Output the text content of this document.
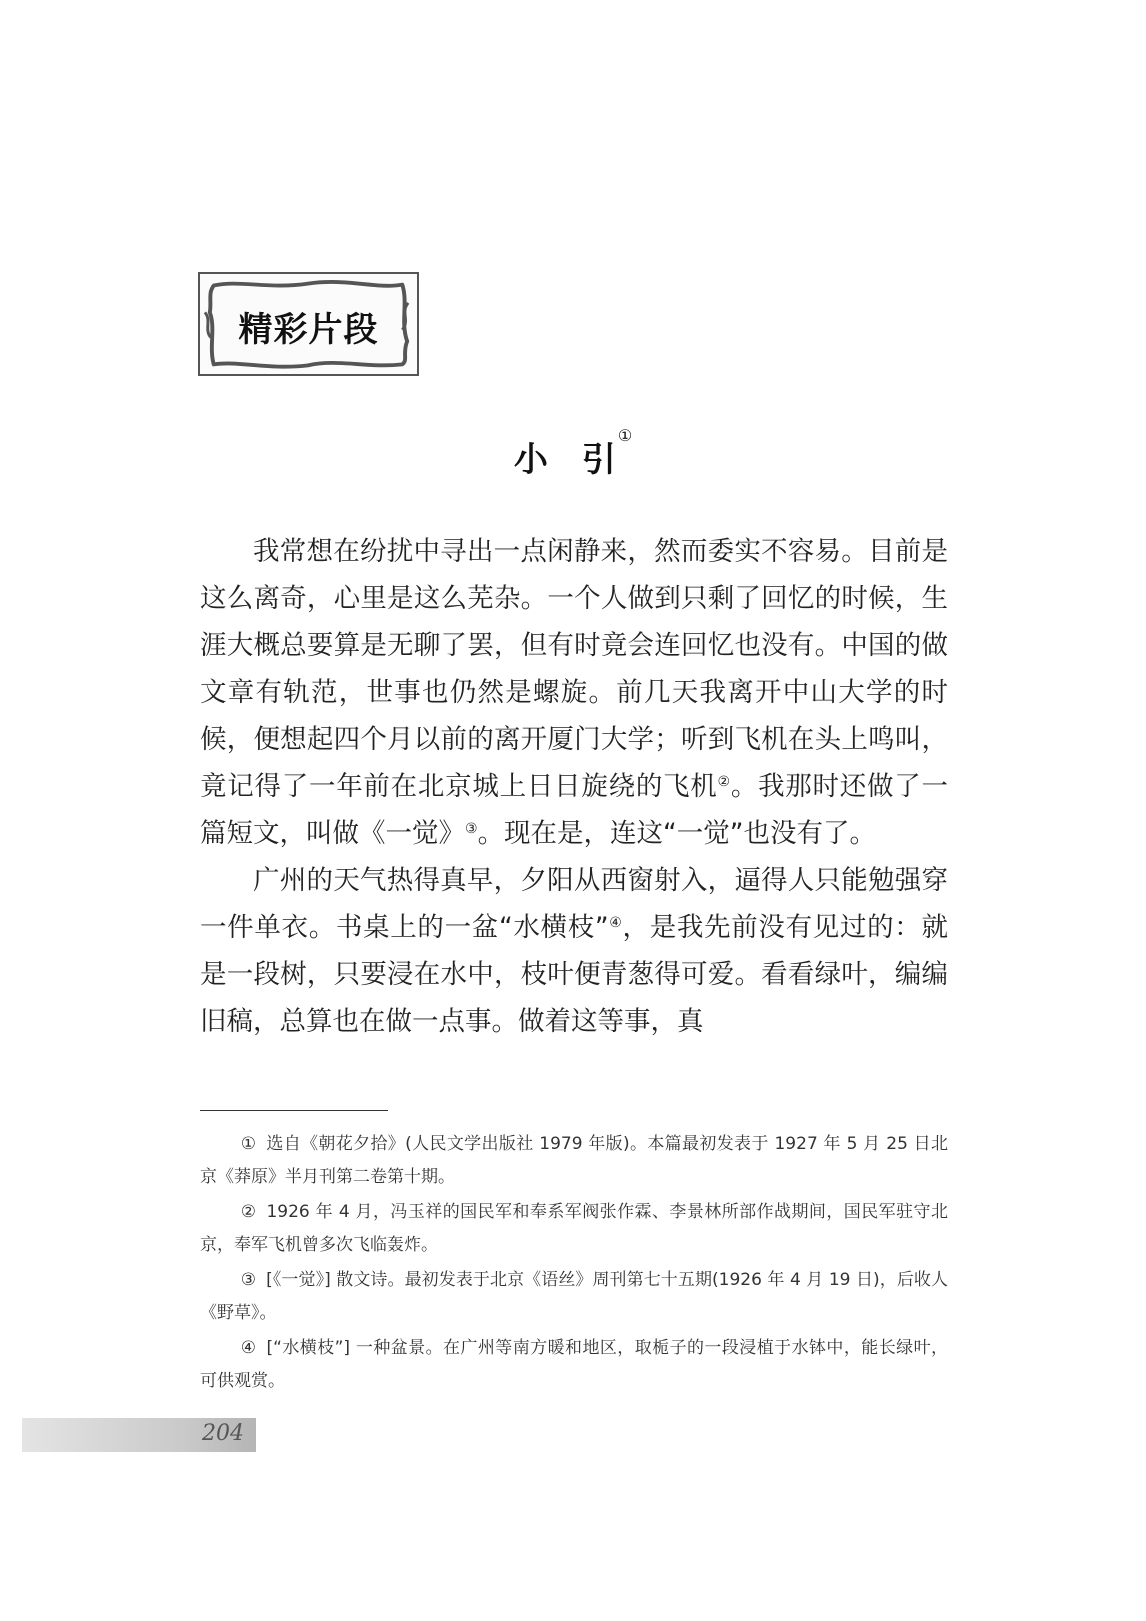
精彩片段
小 引①

我常想在纷扰中寻出一点闲静来，然而委实不容易。目前是这么离奇，心里是这么芜杂。一个人做到只剩了回忆的时候，生涯大概总要算是无聊了罢，但有时竟会连回忆也没有。中国的做文章有轨范，世事也仍然是螺旋。前几天我离开中山大学的时候，便想起四个月以前的离开厦门大学；听到飞机在头上鸣叫，竟记得了一年前在北京城上日日旋绕的飞机②。我那时还做了一篇短文，叫做《一觉》③。现在是，连这“一觉”也没有了。

广州的天气热得真早，夕阳从西窗射入，逼得人只能勉强穿一件单衣。书桌上的一盆“水横枝”④，是我先前没有见过的：就是一段树，只要浸在水中，枝叶便青葱得可爱。看看绿叶，编编旧稿，总算也在做一点事。做着这等事，真

① 选自《朝花夕拾》(人民文学出版社 1979 年版)。本篇最初发表于 1927 年 5 月 25 日北京《莽原》半月刊第二卷第十期。

② 1926 年 4 月，冯玉祥的国民军和奉系军阀张作霖、李景林所部作战期间，国民军驻守北京，奉军飞机曾多次飞临轰炸。

③ [《一觉》] 散文诗。最初发表于北京《语丝》周刊第七十五期(1926 年 4 月 19 日)，后收人《野草》。

④ [“水横枝”] 一种盆景。在广州等南方暖和地区，取栀子的一段浸植于水钵中，能长绿叶，可供观赏。

204
